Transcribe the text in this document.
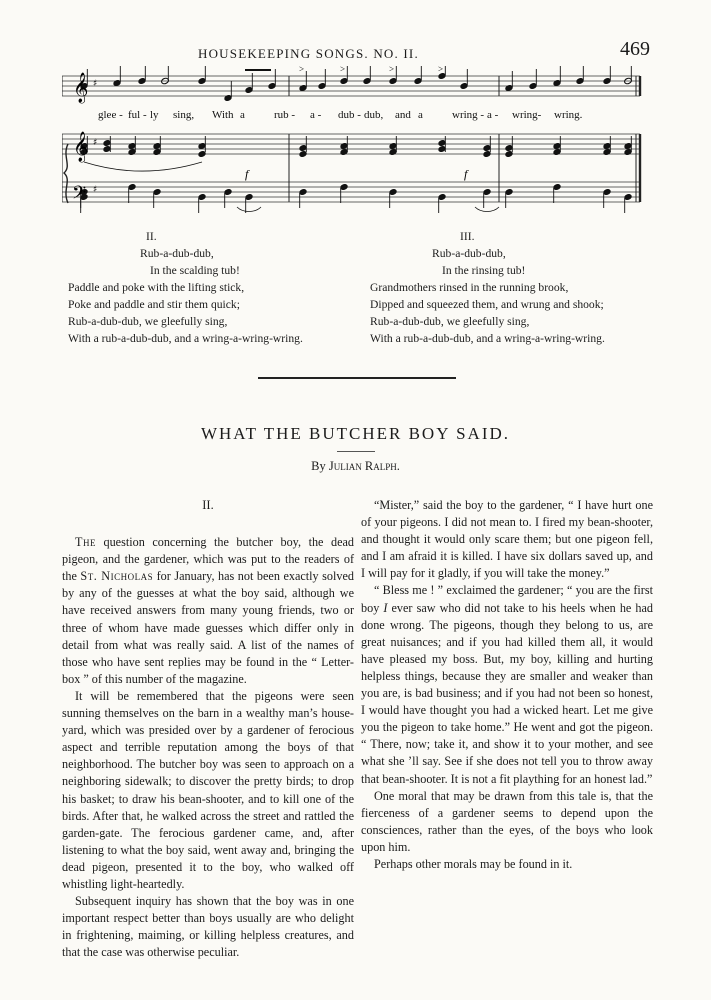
HOUSEKEEPING SONGS. NO. II.	469
>	>	>	>
𝄞
𝄞
𝄢
♯
♯
♯
glee - ful - ly sing, With a	rub - a - dub - dub, and a	wring - a - wring- wring.
f	f
II.
Rub-a-dub-dub,
In the scalding tub!
Paddle and poke with the lifting stick,
Poke and paddle and stir them quick;
Rub-a-dub-dub, we gleefully sing,
With a rub-a-dub-dub, and a wring-a-wring-wring.
III.
Rub-a-dub-dub,
In the rinsing tub!
Grandmothers rinsed in the running brook,
Dipped and squeezed them, and wrung and shook;
Rub-a-dub-dub, we gleefully sing,
With a rub-a-dub-dub, and a wring-a-wring-wring.
WHAT THE BUTCHER BOY SAID.
By Julian Ralph.
II.

The question concerning the butcher boy, the dead pigeon, and the gardener, which was put to the readers of the St. Nicholas for January, has not been exactly solved by any of the guesses at what the boy said, although we have received answers from many young friends, two or three of whom have made guesses which differ only in detail from what was really said. A list of the names of those who have sent replies may be found in the “ Letter-box ” of this number of the magazine.

It will be remembered that the pigeons were seen sunning themselves on the barn in a wealthy man’s house-yard, which was presided over by a gardener of ferocious aspect and terrible reputation among the boys of that neighborhood. The butcher boy was seen to approach on a neighboring sidewalk; to discover the pretty birds; to drop his basket; to draw his bean-shooter, and to kill one of the birds. After that, he walked across the street and rattled the garden-gate. The ferocious gardener came, and, after listening to what the boy said, went away and, bringing the dead pigeon, presented it to the boy, who walked off whistling light-heartedly.

Subsequent inquiry has shown that the boy was in one important respect better than boys usually are who delight in frightening, maiming, or killing helpless creatures, and that the case was otherwise peculiar.

“Mister,” said the boy to the gardener, “ I have hurt one of your pigeons. I did not mean to. I fired my bean-shooter, and thought it would only scare them; but one pigeon fell, and I am afraid it is killed. I have six dollars saved up, and I will pay for it gladly, if you will take the money.”

“ Bless me ! ” exclaimed the gardener; “ you are the first boy I ever saw who did not take to his heels when he had done wrong. The pigeons, though they belong to us, are great nuisances; and if you had killed them all, it would have pleased my boss. But, my boy, killing and hurting helpless things, because they are smaller and weaker than you are, is bad business; and if you had not been so honest, I would have thought you had a wicked heart. Let me give you the pigeon to take home.” He went and got the pigeon. “ There, now; take it, and show it to your mother, and see what she ’ll say. See if she does not tell you to throw away that bean-shooter. It is not a fit plaything for an honest lad.”

One moral that may be drawn from this tale is, that the fierceness of a gardener seems to depend upon the consciences, rather than the eyes, of the boys who look upon him.

Perhaps other morals may be found in it.
